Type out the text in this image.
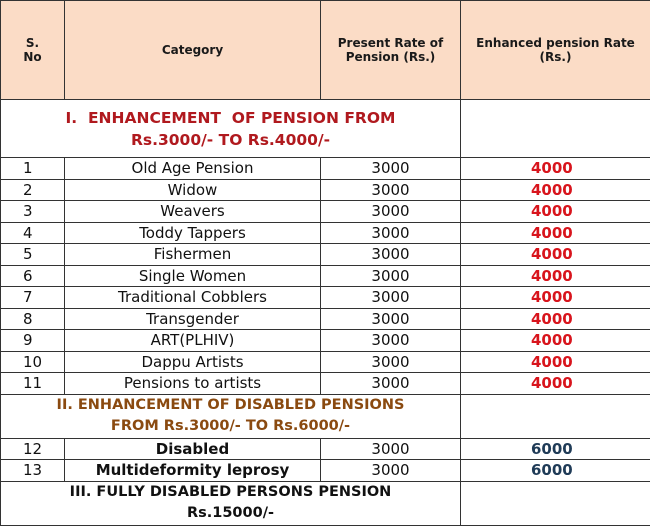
S.
No	Category	Present Rate of Pension (Rs.)	Enhanced pension Rate (Rs.)

I.  ENHANCEMENT  OF PENSION FROM
Rs.3000/- TO Rs.4000/-			

1	Old Age Pension	3000	4000
2	Widow	3000	4000
3	Weavers	3000	4000
4	Toddy Tappers	3000	4000
5	Fishermen	3000	4000
6	Single Women	3000	4000
7	Traditional Cobblers	3000	4000
8	Transgender	3000	4000
9	ART(PLHIV)	3000	4000
10	Dappu Artists	3000	4000
11	Pensions to artists	3000	4000

II. ENHANCEMENT OF DISABLED PENSIONS
FROM Rs.3000/- TO Rs.6000/-			

12	Disabled	3000	6000
13	Multideformity leprosy	3000	6000

III. FULLY DISABLED PERSONS PENSION
Rs.15000/-			
